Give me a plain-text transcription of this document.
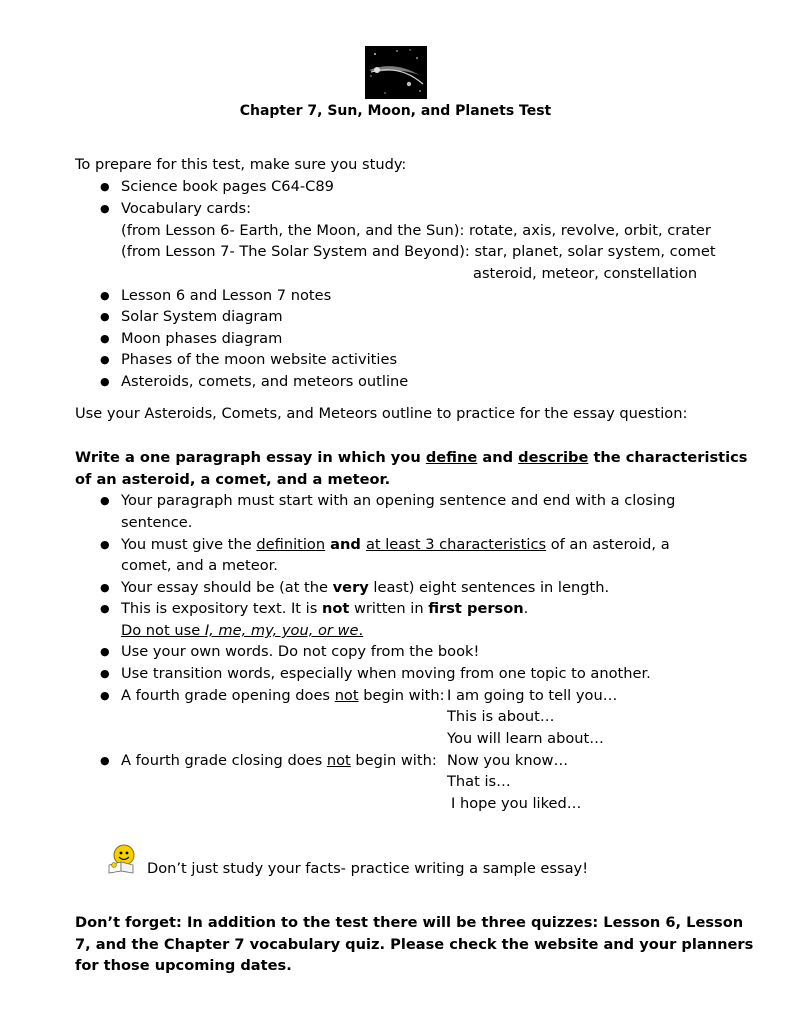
Chapter 7, Sun, Moon, and Planets Test
To prepare for this test, make sure you study:
● Science book pages C64-C89
● Vocabulary cards:
(from Lesson 6- Earth, the Moon, and the Sun): rotate, axis, revolve, orbit, crater
(from Lesson 7- The Solar System and Beyond): star, planet, solar system, comet
asteroid, meteor, constellation
● Lesson 6 and Lesson 7 notes
● Solar System diagram
● Moon phases diagram
● Phases of the moon website activities
● Asteroids, comets, and meteors outline
Use your Asteroids, Comets, and Meteors outline to practice for the essay question:
Write a one paragraph essay in which you define and describe the characteristics
of an asteroid, a comet, and a meteor.
● Your paragraph must start with an opening sentence and end with a closing
sentence.
● You must give the definition and at least 3 characteristics of an asteroid, a
comet, and a meteor.
● Your essay should be (at the very least) eight sentences in length.
● This is expository text. It is not written in first person.
Do not use I, me, my, you, or we.
● Use your own words. Do not copy from the book!
● Use transition words, especially when moving from one topic to another.
● A fourth grade opening does not begin with: I am going to tell you…
This is about…
You will learn about…
● A fourth grade closing does not begin with: Now you know…
That is…
I hope you liked…
Don’t just study your facts- practice writing a sample essay!
Don’t forget: In addition to the test there will be three quizzes: Lesson 6, Lesson
7, and the Chapter 7 vocabulary quiz. Please check the website and your planners
for those upcoming dates.
